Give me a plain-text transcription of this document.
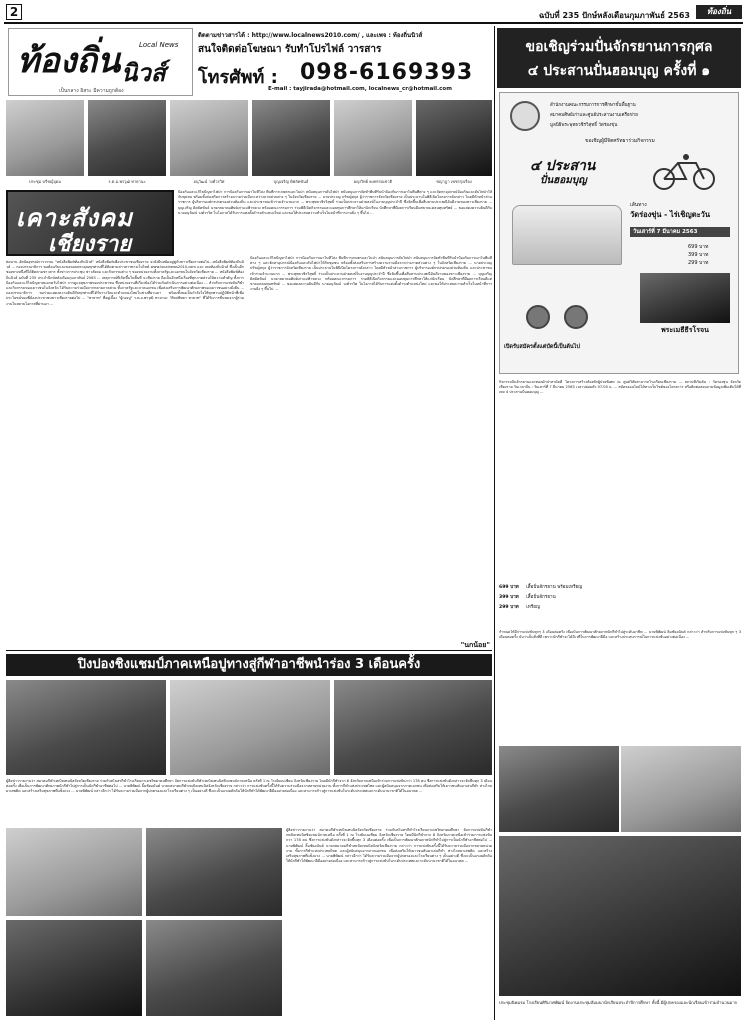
2	ฉบับที่ 235 ปักษ์หลังเดือนกุมภาพันธ์ 2563	ท้องถิ่น
ท้องถิ่น นิวส์
Local News
เป็นกลาง อิสระ มีความถูกต้อง
ติดตามข่าวสารได้ : http://www.localnews2010.com/ , และเพจ : ท้องถิ่นนิวส์
สนใจติดต่อโฆษณา รับทำโปรไฟล์ วารสาร
โทรศัพท์ : 098-6169393
E-mail : tayjirada@hotmail.com, localnews_cr@hotmail.com
ประชุม บรีชญ์อุดม	ร.ต.อ.พรวุฒิ ทายานะ	อนุวัฒน์ วงศ์วรวิศ	บุญเจริญ ดิศลัคขันธ์	ผดุงวิทย์ คงพรรณชาติ	ชญาฎา เพชรรุ่งเรือง
เคาะสังคม
เชียงราย
ท่อนาน อัตนัยอุทรณ์การวรรณ "หนังสือพิมพ์ท้องถิ่นนิวส์" หนังสือพิมพ์เพื่อประชาชนเชียงราย จะยังยืนหยัดอยู่คู่กับชาวเชียงรายต่อไป...หนังสือพิมพ์ท้องถิ่นนิวส์ ... กองบรรณาธิการ ขอต้อนรับและขอขอบพระคุณทุกท่านที่ได้ติดตามข่าวสารทางเว็บไซต์ www.localnews2010.com และ เพจท้องถิ่นนิวส์ ซึ่งเป็นอีกช่องทางหนึ่งที่ได้ติดตามข่าวสาร ทั้งข่าวการประชุม ข่าวสังคม และกิจกรรมต่าง ๆ ของหน่วยงานทั้งภาครัฐและเอกชนในจังหวัดเชียงราย ... หนังสือพิมพ์ท้องถิ่นนิวส์ ฉบับที่ 235 ประจำปักษ์หลังเดือนกุมภาพันธ์ 2563 ... เหตุการณ์ที่เกิดขึ้นในพื้นที่ จ.เชียงราย ถือเป็นอีกหนึ่งเรื่องที่ทุกภาคส่วนให้ความสำคัญ ทั้งการป้องกันและแก้ไขปัญหาหมอกควันไฟป่า การดูแลสุขภาพของประชาชน ซึ่งหน่วยงานที่เกี่ยวข้องได้ร่วมกันดำเนินการอย่างต่อเนื่อง ... สำหรับการแข่งขันกีฬาและกิจกรรมของเยาวชนในจังหวัด ได้รับความร่วมมือจากหลายภาคส่วน ทั้งภาครัฐและภาคเอกชน เพื่อส่งเสริมการพัฒนาศักยภาพของเยาวชนอย่างยั่งยืน ... กองบรรณาธิการ ขอร่วมแสดงความยินดีกับทุกท่านที่ได้รับรางวัลและตำแหน่งใหม่ในช่วงที่ผ่านมา พร้อมทั้งขอเป็นกำลังใจให้ทุกท่านปฏิบัติหน้าที่เพื่อประโยชน์ของพี่น้องประชาชนชาวเชียงรายต่อไป ... "ทายาท" ที่อยู่เบื้อง "ผู้กองปู" ร.ต.อ.พรวุฒิ ทายานะ "ศิลปพิทยา ทายาท" ที่ได้รับการชื่นชมจากผู้ร่วมงานในหลายโอกาสที่ผ่านมา ...
ป้องกันและแก้ไขปัญหาไฟป่า การป้องกันการเผาในที่โล่ง พื้นที่การเกษตรและในป่า สนับสนุนการดับไฟป่า สนับสนุนการจัดทำพื้นที่รับน้ำป้องกันการเผาในพื้นที่ต่าง ๆ และจัดหาอุปกรณ์ป้องกันและดับไฟป่าให้กับชุมชน พร้อมทั้งส่งเสริมการสร้างความร่วมมือระหว่างภาคส่วนต่าง ๆ ในจังหวัดเชียงราย ... นายประจญ ปรัชญ์สกุล ผู้ว่าราชการจังหวัดเชียงราย เป็นประธานในพิธีเปิดโครงการดังกล่าว โดยมีหัวหน้าส่วนราชการ ผู้บริหารองค์กรปกครองส่วนท้องถิ่น และประชาชนเข้าร่วมจำนวนมาก ... พระพุทธวชิรวิสุทธิ์ ร่วมเป็นประธานฝ่ายสงฆ์ในงานบุญประจำปี ซึ่งจัดขึ้นเพื่อสืบสานประเพณีอันดีงามของชาวเชียงราย ... บุญเจริญ ดิศลัคขันธ์ นายกสมาคมศิษย์เก่าแม่ฟ้าหลวง พร้อมคณะกรรมการ ร่วมพิธีเปิดกิจกรรมและมอบทุนการศึกษาให้แก่นักเรียน นักศึกษาที่มีผลการเรียนดีแต่ขาดแคลนทุนทรัพย์ ... ขอแสดงความยินดีกับ นายอนุวัฒน์ วงศ์วรวิศ ในโอกาสได้รับการแต่งตั้งดำรงตำแหน่งใหม่ และขอให้ประสบความสำเร็จในหน้าที่การงานยิ่ง ๆ ขึ้นไป ...
ป้องกันและแก้ไขปัญหาไฟป่า การป้องกันการเผาในที่โล่ง พื้นที่การเกษตรและในป่า สนับสนุนการดับไฟป่า สนับสนุนการจัดทำพื้นที่รับน้ำป้องกันการเผาในพื้นที่ต่าง ๆ และจัดหาอุปกรณ์ป้องกันและดับไฟป่าให้กับชุมชน พร้อมทั้งส่งเสริมการสร้างความร่วมมือระหว่างภาคส่วนต่าง ๆ ในจังหวัดเชียงราย ... นายประจญ ปรัชญ์สกุล ผู้ว่าราชการจังหวัดเชียงราย เป็นประธานในพิธีเปิดโครงการดังกล่าว โดยมีหัวหน้าส่วนราชการ ผู้บริหารองค์กรปกครองส่วนท้องถิ่น และประชาชนเข้าร่วมจำนวนมาก ... พระพุทธวชิรวิสุทธิ์ ร่วมเป็นประธานฝ่ายสงฆ์ในงานบุญประจำปี ซึ่งจัดขึ้นเพื่อสืบสานประเพณีอันดีงามของชาวเชียงราย ... บุญเจริญ ดิศลัคขันธ์ นายกสมาคมศิษย์เก่าแม่ฟ้าหลวง พร้อมคณะกรรมการ ร่วมพิธีเปิดกิจกรรมและมอบทุนการศึกษาให้แก่นักเรียน นักศึกษาที่มีผลการเรียนดีแต่ขาดแคลนทุนทรัพย์ ... ขอแสดงความยินดีกับ นายอนุวัฒน์ วงศ์วรวิศ ในโอกาสได้รับการแต่งตั้งดำรงตำแหน่งใหม่ และขอให้ประสบความสำเร็จในหน้าที่การงานยิ่ง ๆ ขึ้นไป ...
"นกน้อย"
ปิงปองชิงแชมป์ภาคเหนือปูทางสู่กีฬาอาชีพนำร่อง 3 เดือนครั้ง
ผู้สื่อข่าวรายงานว่า สมาคมกีฬาเทเบิลเทนนิสจังหวัดเชียงราย ร่วมกับสโมสรกีฬาโรงเรียนกาเดชวิทยาคมศึกษา จัดการแข่งขันกีฬาเทเบิลเทนนิสชิงแชมป์ภาคเหนือ ครั้งที่ 1 ณ โรงยิมเนเซียม จังหวัดเชียงราย โดยมีนักกีฬาจาก 8 จังหวัดภาคเหนือเข้าร่วมการแข่งขันกว่า 178 คน ซึ่งการแข่งขันดังกล่าวจะจัดขึ้นทุก 3 เดือนต่อครั้ง เพื่อเป็นการพัฒนาศักยภาพนักกีฬาไปสู่การเป็นนักกีฬาอาชีพต่อไป ... นายพิพัฒน์ ลิ้มชัยอนันต์ นายกสมาคมกีฬาเทเบิลเทนนิสจังหวัดเชียงราย กล่าวว่า การแข่งขันครั้งนี้ได้รับความร่วมมือจากหลายหน่วยงาน ทั้งการกีฬาแห่งประเทศไทย และผู้สนับสนุนจากภาคเอกชน เพื่อส่งเสริมให้เยาวชนหันมาเล่นกีฬา ห่างไกลยาเสพติด และสร้างเสริมสุขภาพที่แข็งแรง ... นายพิพัฒน์ กล่าวอีกว่า ได้รับความร่วมมือจากผู้ปกครองและโรงเรียนต่าง ๆ เป็นอย่างดี ซึ่งจะเป็นแรงผลักดันให้นักกีฬาได้พัฒนาฝีมืออย่างต่อเนื่อง และสามารถก้าวสู่การแข่งขันในระดับประเทศและระดับนานาชาติได้ในอนาคต ...
ผู้สื่อข่าวรายงานว่า สมาคมกีฬาเทเบิลเทนนิสจังหวัดเชียงราย ร่วมกับสโมสรกีฬาโรงเรียนกาเดชวิทยาคมศึกษา จัดการแข่งขันกีฬาเทเบิลเทนนิสชิงแชมป์ภาคเหนือ ครั้งที่ 1 ณ โรงยิมเนเซียม จังหวัดเชียงราย โดยมีนักกีฬาจาก 8 จังหวัดภาคเหนือเข้าร่วมการแข่งขันกว่า 178 คน ซึ่งการแข่งขันดังกล่าวจะจัดขึ้นทุก 3 เดือนต่อครั้ง เพื่อเป็นการพัฒนาศักยภาพนักกีฬาไปสู่การเป็นนักกีฬาอาชีพต่อไป ... นายพิพัฒน์ ลิ้มชัยอนันต์ นายกสมาคมกีฬาเทเบิลเทนนิสจังหวัดเชียงราย กล่าวว่า การแข่งขันครั้งนี้ได้รับความร่วมมือจากหลายหน่วยงาน ทั้งการกีฬาแห่งประเทศไทย และผู้สนับสนุนจากภาคเอกชน เพื่อส่งเสริมให้เยาวชนหันมาเล่นกีฬา ห่างไกลยาเสพติด และสร้างเสริมสุขภาพที่แข็งแรง ... นายพิพัฒน์ กล่าวอีกว่า ได้รับความร่วมมือจากผู้ปกครองและโรงเรียนต่าง ๆ เป็นอย่างดี ซึ่งจะเป็นแรงผลักดันให้นักกีฬาได้พัฒนาฝีมืออย่างต่อเนื่อง และสามารถก้าวสู่การแข่งขันในระดับประเทศและระดับนานาชาติได้ในอนาคต ...
ขอเชิญร่วมปั่นจักรยานการกุศล
๔ ประสานปั่นฮอมบุญ ครั้งที่ ๑
สำนักงานคณะกรรมการการศึกษาขั้นพื้นฐาน
สมาคมศิษย์เก่าและศูนย์ประสานงานเครือข่าย
มูลนิธิพระพุทธวชิรวิสุทธิ์ วัดร่องขุ่น
ขอเชิญผู้มีจิตศรัทธาร่วมกิจกรรม
๔ ประสาน
ปั่นฮอมบุญ
เส้นทาง
วัดร่องขุ่น - ไร่เชิญตะวัน
วันเสาร์ที่ 7 มีนาคม 2563
699 บาท
399 บาท
299 บาท
พระเมธีธีรโรจน
เปิดรับสมัครตั้งแต่บัดนี้เป็นต้นไป
กิจกรรมปั่นจักรยานและทอดผ้าป่าสามัคคี โครงการสร้างห้องพักผู้ป่วยพิเศษ ณ ศูนย์วิสัยสามารถโรงเรียนเชียงราย ... สถานที่เริ่มต้น : วัดร่องขุ่น จังหวัดเชียงราย วันเวลาปั่น : วันเสาร์ที่ 7 มีนาคม 2563 เวลาปล่อยตัว 07.00 น. ... สมัครออนไลน์ได้ทางเว็บไซต์ของโครงการ หรือติดต่อสอบถามข้อมูลเพิ่มเติมได้ที่เพจ 4 ประสานปั่นฮอมบุญ ...
699 บาท เสื้อปั่นจักรยาน พร้อมเหรียญ
399 บาท เสื้อปั่นจักรยาน
299 บาท เหรียญ
กำหนดให้มีการแข่งขันทุกๆ 3 เดือนต่อครั้ง เพื่อเป็นการพัฒนาศักยภาพนักกีฬาไปสู่ระดับอาชีพ ... นายพิพัฒน์ ลิ้มชัยอนันต์ กล่าวว่า สำหรับการแข่งขันทุก ๆ 3 เดือนต่อครั้ง นับว่าเป็นสิ่งที่ดี เพราะนักกีฬาจะได้มีเวทีในการพัฒนาฝีมือ และสร้างประสบการณ์ในการแข่งขันอย่างต่อเนื่อง ...
ประชุมนิคมรม โรงเรียนศิริมาศพัฒน์ จัดงานประชุมสัมมนานักเรียนประจำปีการศึกษา ทั้งนี้ มีผู้ปกครองและนักเรียนเข้าร่วมจำนวนมาก
